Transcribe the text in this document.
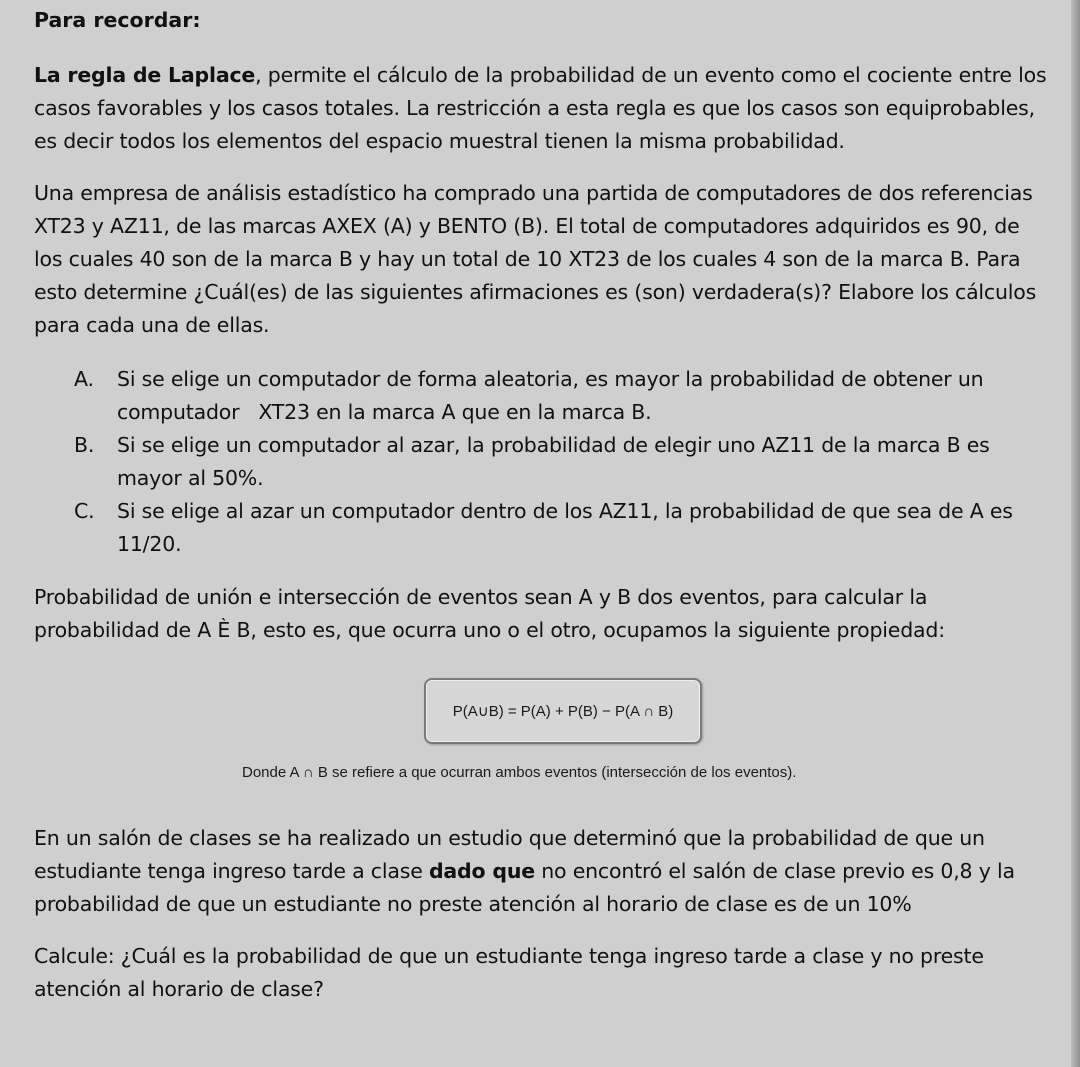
Para recordar:
La regla de Laplace, permite el cálculo de la probabilidad de un evento como el cociente entre los casos favorables y los casos totales. La restricción a esta regla es que los casos son equiprobables, es decir todos los elementos del espacio muestral tienen la misma probabilidad.
Una empresa de análisis estadístico ha comprado una partida de computadores de dos referencias XT23 y AZ11, de las marcas AXEX (A) y BENTO (B). El total de computadores adquiridos es 90, de los cuales 40 son de la marca B y hay un total de 10 XT23 de los cuales 4 son de la marca B. Para esto determine ¿Cuál(es) de las siguientes afirmaciones es (son) verdadera(s)? Elabore los cálculos para cada una de ellas.
A.	Si se elige un computador de forma aleatoria, es mayor la probabilidad de obtener un computador   XT23 en la marca A que en la marca B.
B.	Si se elige un computador al azar, la probabilidad de elegir uno AZ11 de la marca B es mayor al 50%.
C.	Si se elige al azar un computador dentro de los AZ11, la probabilidad de que sea de A es 11/20.
Probabilidad de unión e intersección de eventos sean A y B dos eventos, para calcular la probabilidad de A È B, esto es, que ocurra uno o el otro, ocupamos la siguiente propiedad:
P(A∪B) = P(A) + P(B) − P(A ∩ B)
Donde A ∩ B se refiere a que ocurran ambos eventos (intersección de los eventos).
En un salón de clases se ha realizado un estudio que determinó que la probabilidad de que un estudiante tenga ingreso tarde a clase dado que no encontró el salón de clase previo es 0,8 y la probabilidad de que un estudiante no preste atención al horario de clase es de un 10%
Calcule: ¿Cuál es la probabilidad de que un estudiante tenga ingreso tarde a clase y no preste atención al horario de clase?
